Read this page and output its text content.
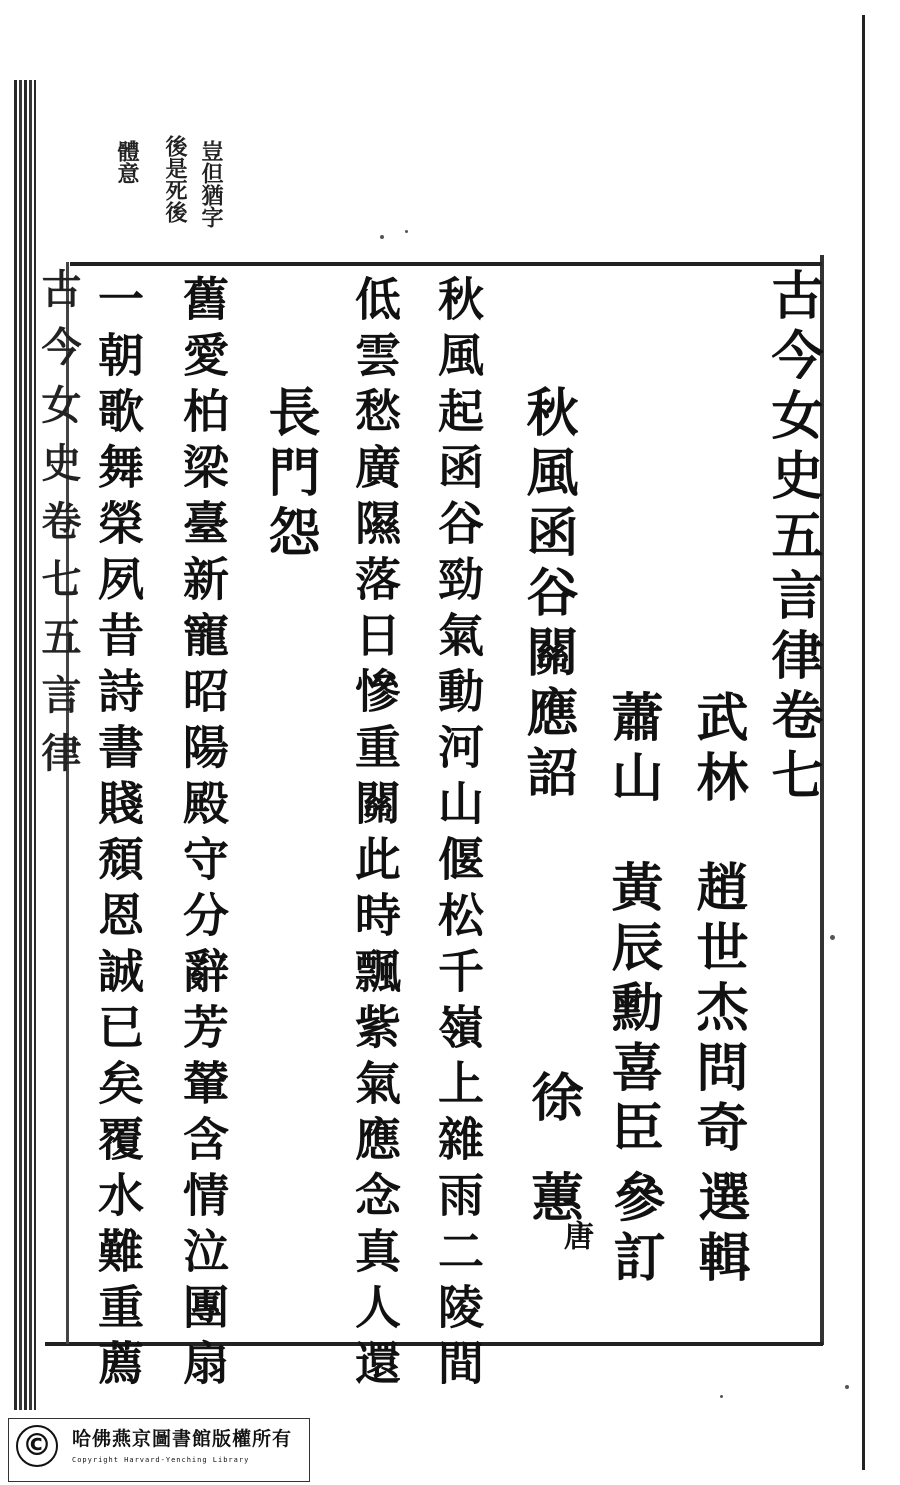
古今女史卷七五言律
豈但猶字
後是死後
體意
古今女史五言律卷七
武林
趙世杰問奇
選輯
蕭山
黃辰勳喜臣
參訂
秋風函谷關應詔
徐
蕙
唐
秋風起函谷勁氣動河山偃松千嶺上雜雨二陵間
低雲愁廣隰落日慘重關此時飄紫氣應念真人還
長門怨
舊愛柏梁臺新寵昭陽殿守分辭芳輦含情泣團扇
一朝歌舞榮夙昔詩書賤頹恩誠已矣覆水難重薦
©	哈佛燕京圖書館版權所有
Copyright Harvard-Yenching Library
